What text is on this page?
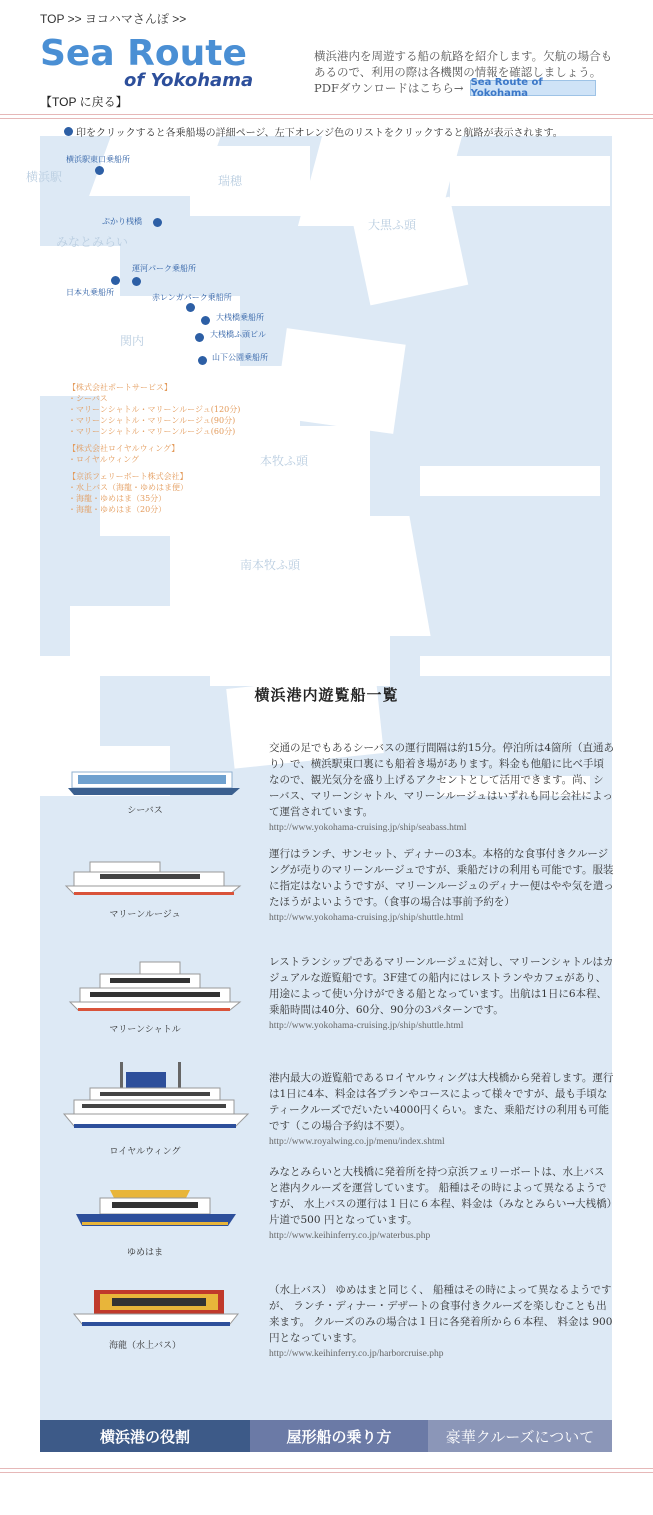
TOP >> ヨコハマさんぽ >>
Sea Route
of Yokohama
【TOP に戻る】
横浜港内を周遊する船の航路を紹介します。欠航の場合もあるので、利用の際は各機関の情報を確認しましょう。
PDFダウンロードはこちら→ Sea Route of Yokohama
横浜駅	瑞穂
大黒ふ頭
みなとみらい
関内
本牧ふ頭
南本牧ふ頭
横浜駅東口乗船所
ぷかり桟橋
運河パーク乗船所
日本丸乗船所
赤レンガパーク乗船所
大桟橋乗船所
大桟橋ふ頭ビル
山下公園乗船所
印をクリックすると各乗船場の詳細ページ、左下オレンジ色のリストをクリックすると航路が表示されます。
【株式会社ポートサービス】
・シーバス
・マリーンシャトル・マリーンルージュ(120分)
・マリーンシャトル・マリーンルージュ(90分)
・マリーンシャトル・マリーンルージュ(60分)
【株式会社ロイヤルウィング】
・ロイヤルウィング
【京浜フェリーボート株式会社】
・水上バス（海龍・ゆめはま便）
・海龍・ゆめはま（35分）
・海龍・ゆめはま（20分）
横浜港内遊覧船一覧
シーバス
交通の足でもあるシーバスの運行間隔は約15分。停泊所は4箇所（直通あり）で、横浜駅東口裏にも船着き場があります。料金も他船に比べ手頃なので、観光気分を盛り上げるアクセントとして活用できます。尚、シーバス、マリーンシャトル、マリーンルージュはいずれも同じ会社によって運営されています。
http://www.yokohama-cruising.jp/ship/seabass.html
マリーンルージュ
運行はランチ、サンセット、ディナーの3本。本格的な食事付きクルージングが売りのマリーンルージュですが、乗船だけの利用も可能です。服装に指定はないようですが、マリーンルージュのディナー便はやや気を遣ったほうがよいようです。（食事の場合は事前予約を）
http://www.yokohama-cruising.jp/ship/shuttle.html
マリーンシャトル
レストランシップであるマリーンルージュに対し、マリーンシャトルはカジュアルな遊覧船です。3F建ての船内にはレストランやカフェがあり、用途によって使い分けができる船となっています。出航は1日に6本程、乗船時間は40分、60分、90分の3パターンです。
http://www.yokohama-cruising.jp/ship/shuttle.html
ロイヤルウィング
港内最大の遊覧船であるロイヤルウィングは大桟橋から発着します。運行は1日に4本、料金は各プランやコースによって様々ですが、最も手頃なティークルーズでだいたい4000円くらい。また、乗船だけの利用も可能です（この場合予約は不要）。
http://www.royalwing.co.jp/menu/index.shtml
ゆめはま
みなとみらいと大桟橋に発着所を持つ京浜フェリーボートは、水上バスと港内クルーズを運営しています。 船種はその時によって異なるようですが、 水上バスの運行は１日に６本程、料金は（みなとみらい→大桟橋）片道で500 円となっています。
http://www.keihinferry.co.jp/waterbus.php
海龍（水上バス）
（水上バス） ゆめはまと同じく、 船種はその時によって異なるようですが、 ランチ・ディナー・デザートの食事付きクルーズを楽しむことも出来ます。 クルーズのみの場合は１日に各発着所から６本程、 料金は 900 円となっています。
http://www.keihinferry.co.jp/harborcruise.php
横浜港の役割	屋形船の乗り方	豪華クルーズについて
